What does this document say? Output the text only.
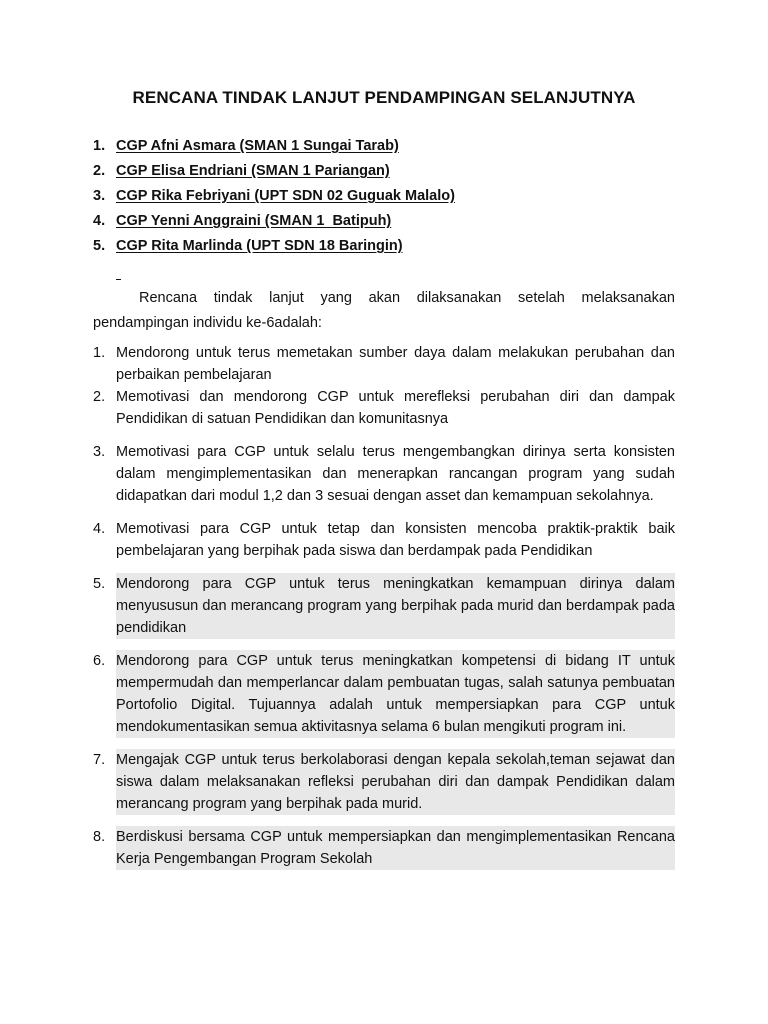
RENCANA TINDAK LANJUT PENDAMPINGAN SELANJUTNYA
1. CGP Afni Asmara (SMAN 1 Sungai Tarab)
2. CGP Elisa Endriani (SMAN 1 Pariangan)
3. CGP Rika Febriyani (UPT SDN 02 Guguak Malalo)
4. CGP Yenni Anggraini (SMAN 1  Batipuh)
5. CGP Rita Marlinda (UPT SDN 18 Baringin)
Rencana tindak lanjut yang akan dilaksanakan setelah melaksanakan pendampingan individu ke-6adalah:
1. Mendorong untuk terus memetakan sumber daya dalam melakukan perubahan dan perbaikan pembelajaran
2. Memotivasi dan mendorong CGP untuk merefleksi perubahan diri dan dampak Pendidikan di satuan Pendidikan dan komunitasnya
3. Memotivasi para CGP untuk selalu terus mengembangkan dirinya serta konsisten dalam mengimplementasikan dan menerapkan rancangan program yang sudah didapatkan dari modul 1,2 dan 3 sesuai dengan asset dan kemampuan sekolahnya.
4. Memotivasi para CGP untuk tetap dan konsisten mencoba praktik-praktik baik pembelajaran yang berpihak pada siswa dan berdampak pada Pendidikan
5. Mendorong para CGP untuk terus meningkatkan kemampuan dirinya dalam menyususun dan merancang program yang berpihak pada murid dan berdampak pada pendidikan
6. Mendorong para CGP untuk terus meningkatkan kompetensi di bidang IT untuk mempermudah dan memperlancar dalam pembuatan tugas, salah satunya pembuatan Portofolio Digital. Tujuannya adalah untuk mempersiapkan para CGP untuk mendokumentasikan semua aktivitasnya selama 6 bulan mengikuti program ini.
7. Mengajak CGP untuk terus berkolaborasi dengan kepala sekolah,teman sejawat dan siswa dalam melaksanakan refleksi perubahan diri dan dampak Pendidikan dalam merancang program yang berpihak pada murid.
8. Berdiskusi bersama CGP untuk mempersiapkan dan mengimplementasikan Rencana Kerja Pengembangan Program Sekolah
